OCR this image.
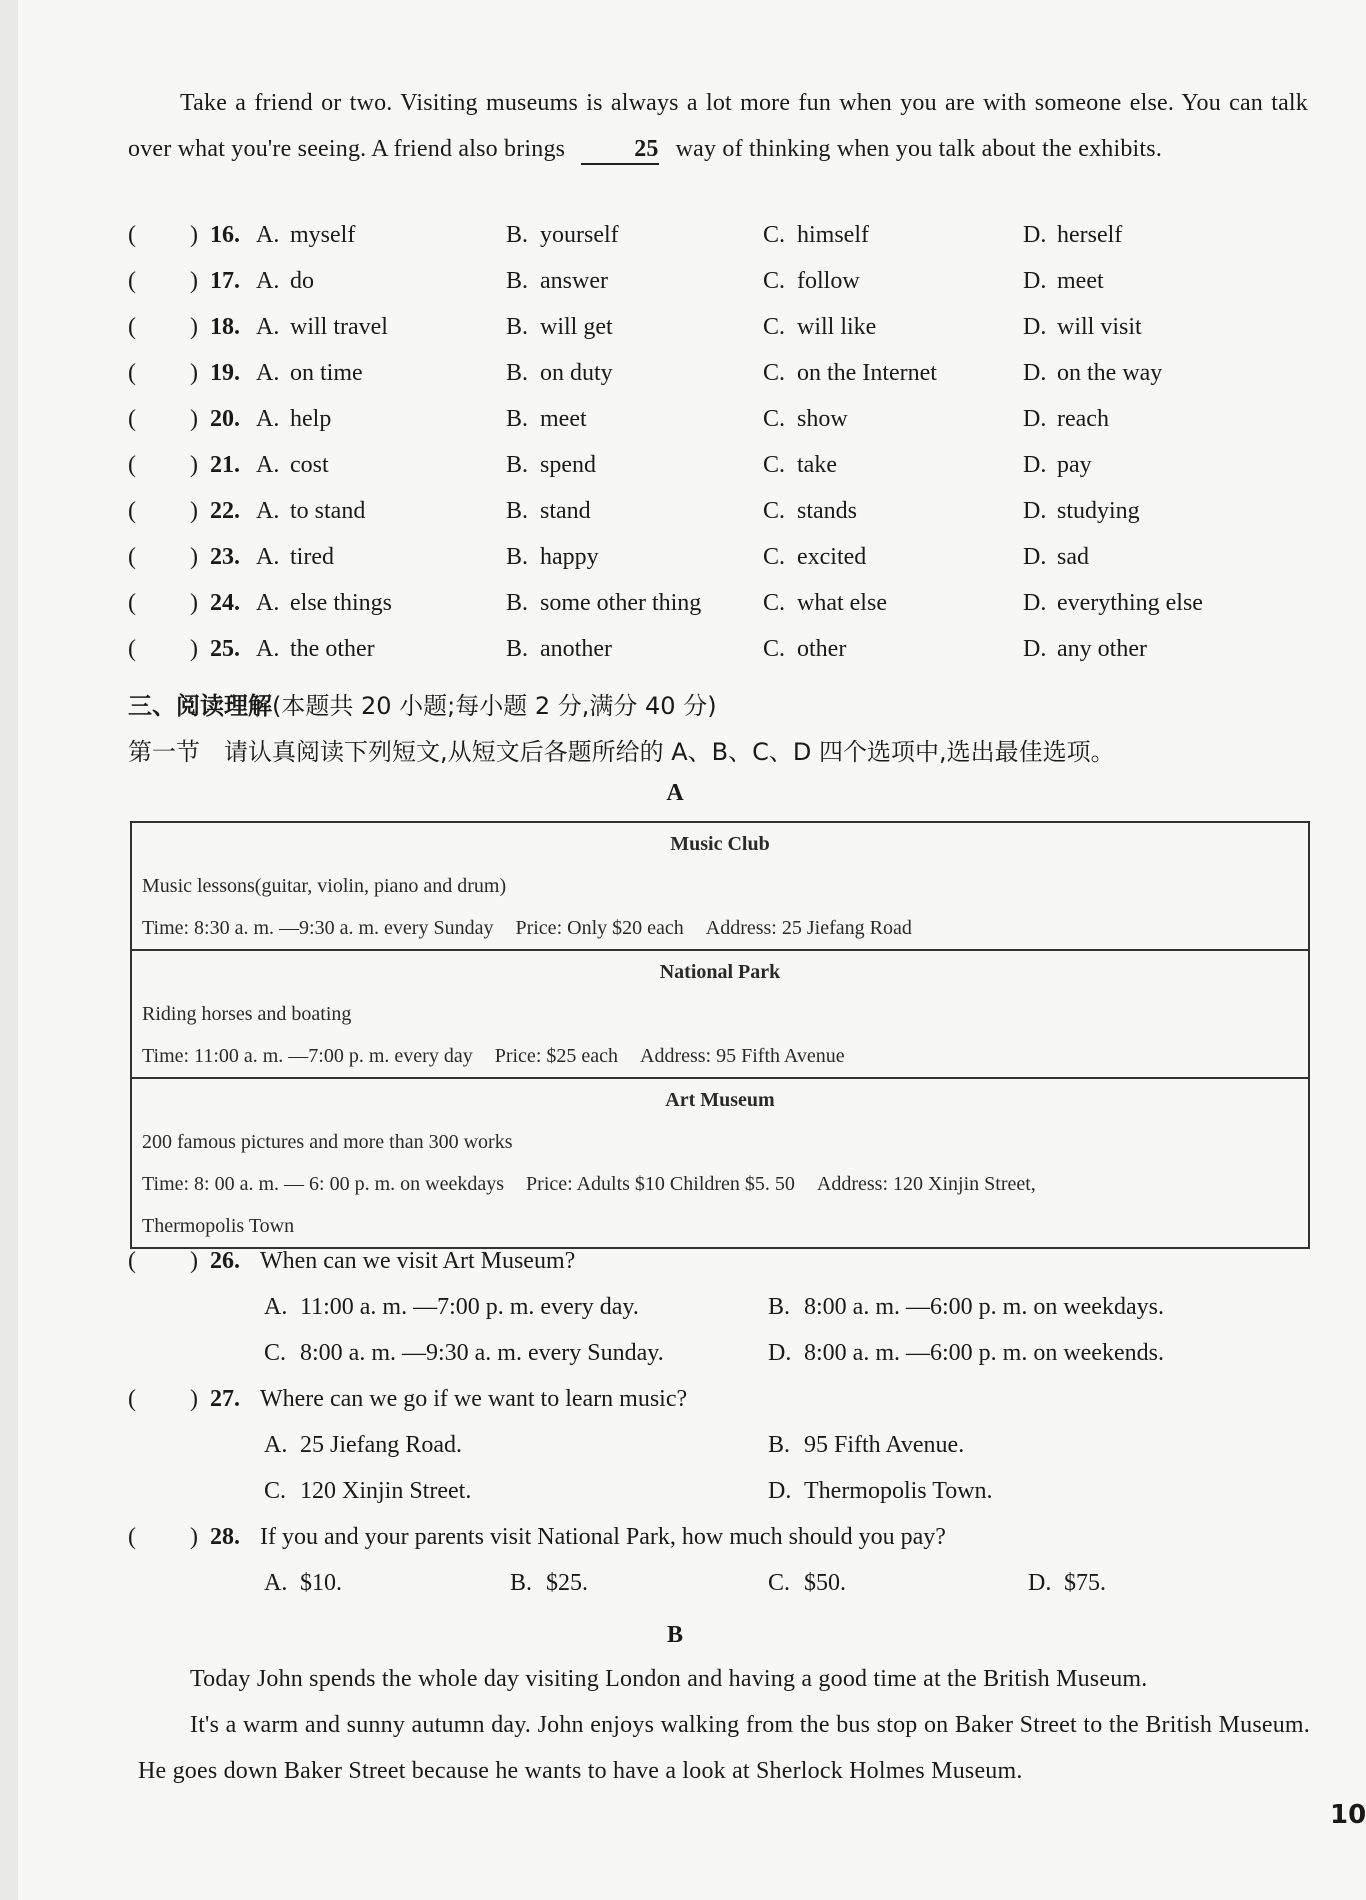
Take a friend or two. Visiting museums is always a lot more fun when you are with someone else. You can talk over what you're seeing. A friend also brings	25 way of thinking when you talk about the exhibits.
( ) 16. A. myself	B. yourself	C. himself	D. herself
( ) 17. A. do	B. answer	C. follow	D. meet
( ) 18. A. will travel	B. will get	C. will like	D. will visit
( ) 19. A. on time	B. on duty	C. on the Internet	D. on the way
( ) 20. A. help	B. meet	C. show	D. reach
( ) 21. A. cost	B. spend	C. take	D. pay
( ) 22. A. to stand	B. stand	C. stands	D. studying
( ) 23. A. tired	B. happy	C. excited	D. sad
( ) 24. A. else things	B. some other thing	C. what else	D. everything else
( ) 25. A. the other	B. another	C. other	D. any other
三、阅读理解(本题共 20 小题;每小题 2 分,满分 40 分)
第一节　请认真阅读下列短文,从短文后各题所给的 A、B、C、D 四个选项中,选出最佳选项。
A
Music Club
Music lessons(guitar, violin, piano and drum)
Time: 8:30 a. m. —9:30 a. m. every Sunday Price: Only $20 each Address: 25 Jiefang Road

National Park
Riding horses and boating
Time: 11:00 a. m. —7:00 p. m. every day Price: $25 each Address: 95 Fifth Avenue

Art Museum
200 famous pictures and more than 300 works
Time: 8: 00 a. m. — 6: 00 p. m. on weekdays Price: Adults $10 Children $5. 50 Address: 120 Xinjin Street,
Thermopolis Town
( ) 26. When can we visit Art Museum?
A. 11:00 a. m. —7:00 p. m. every day.	B. 8:00 a. m. —6:00 p. m. on weekdays.
C. 8:00 a. m. —9:30 a. m. every Sunday.	D. 8:00 a. m. —6:00 p. m. on weekends.
( ) 27. Where can we go if we want to learn music?
A. 25 Jiefang Road.	B. 95 Fifth Avenue.
C. 120 Xinjin Street.	D. Thermopolis Town.
( ) 28. If you and your parents visit National Park, how much should you pay?
A. $10.	B. $25.	C. $50.	D. $75.
B
Today John spends the whole day visiting London and having a good time at the British Museum.
It's a warm and sunny autumn day. John enjoys walking from the bus stop on Baker Street to the British Museum. He goes down Baker Street because he wants to have a look at Sherlock Holmes Museum.
10
